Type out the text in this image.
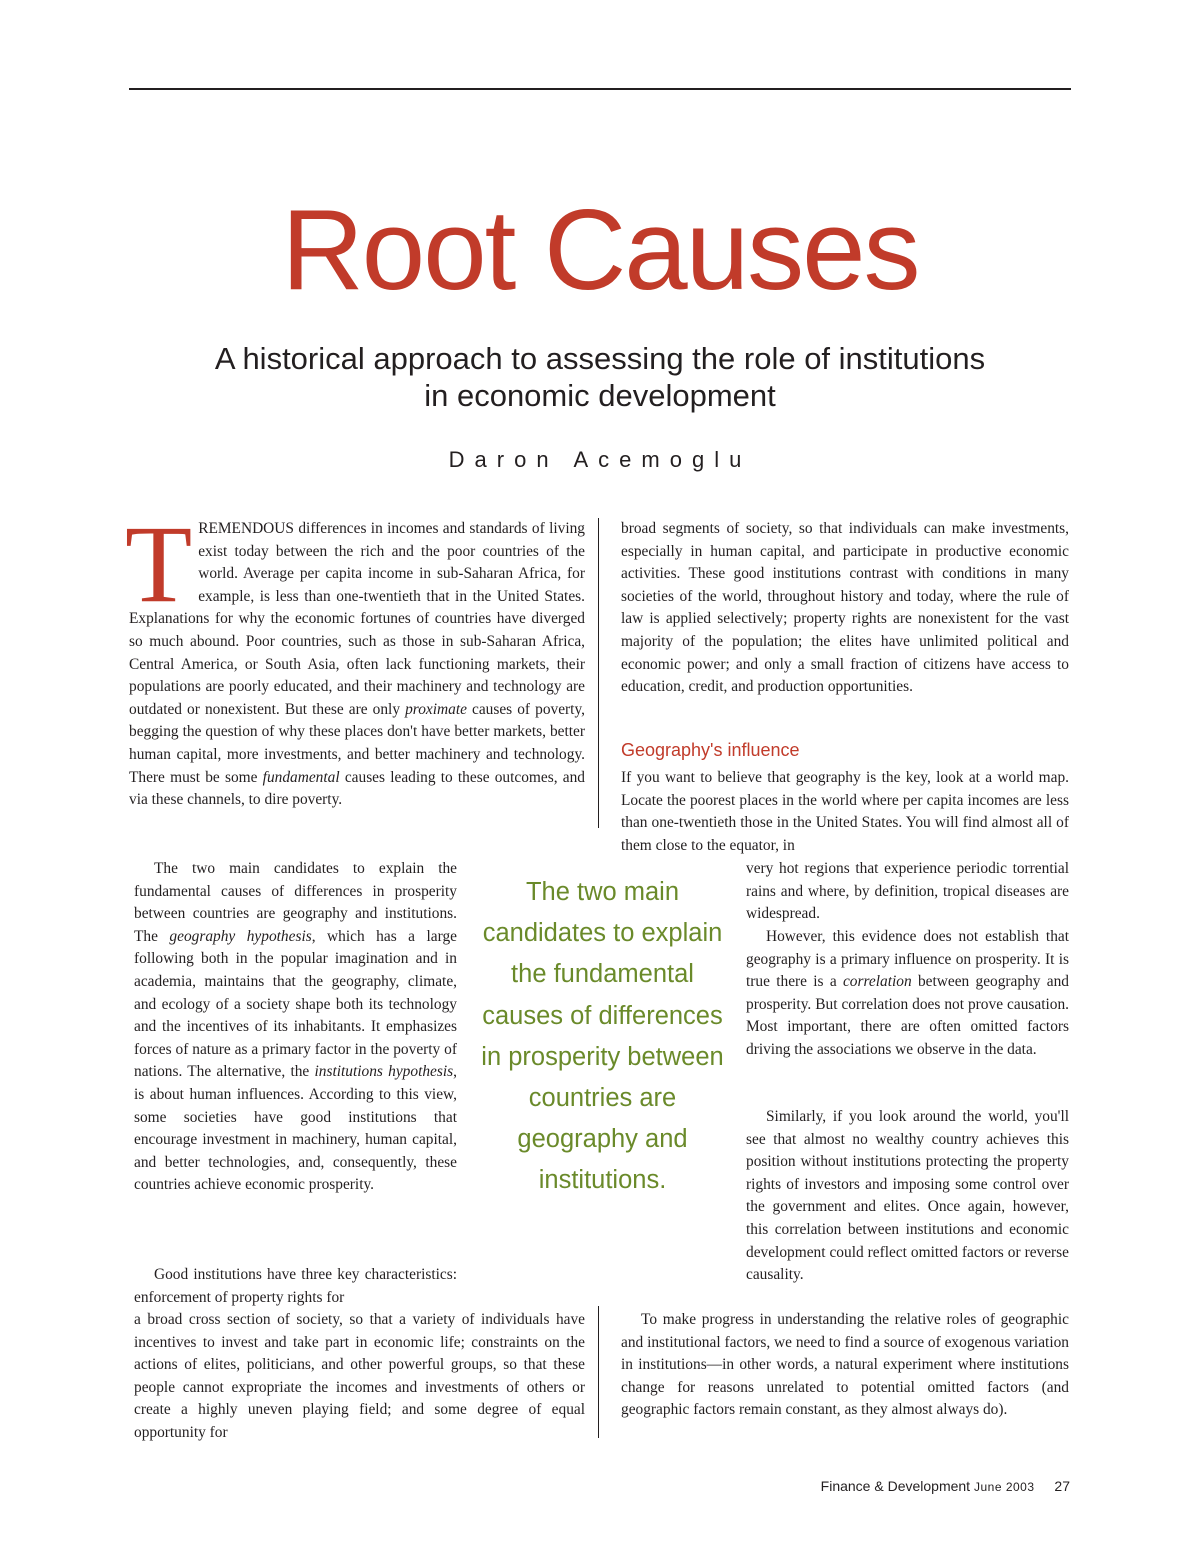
Root Causes
A historical approach to assessing the role of institutions
in economic development
Daron Acemoglu

TREMENDOUS differences in incomes and standards of living exist today between the rich and the poor countries of the world. Average per capita income in sub-Saharan Africa, for example, is less than one-twentieth that in the United States. Explanations for why the economic fortunes of countries have diverged so much abound. Poor countries, such as those in sub-Saharan Africa, Central America, or South Asia, often lack functioning markets, their populations are poorly educated, and their machinery and technology are outdated or nonexistent. But these are only proximate causes of poverty, begging the question of why these places don't have better markets, better human capital, more investments, and better machinery and technology. There must be some fundamental causes leading to these outcomes, and via these channels, to dire poverty.

The two main candidates to explain the fundamental causes of differences in prosperity between countries are geography and institutions. The geography hypothesis, which has a large following both in the popular imagination and in academia, maintains that the geography, climate, and ecology of a society shape both its technology and the incentives of its inhabitants. It emphasizes forces of nature as a primary factor in the poverty of nations. The alternative, the institutions hypothesis, is about human influences. According to this view, some societies have good institutions that encourage investment in machinery, human capital, and better technologies, and, consequently, these countries achieve economic prosperity.

Good institutions have three key characteristics: enforcement of property rights for

a broad cross section of society, so that a variety of individuals have incentives to invest and take part in economic life; constraints on the actions of elites, politicians, and other powerful groups, so that these people cannot expropriate the incomes and investments of others or create a highly uneven playing field; and some degree of equal opportunity for

The two main candidates to explain the fundamental causes of differences in prosperity between countries are geography and institutions.

broad segments of society, so that individuals can make investments, especially in human capital, and participate in productive economic activities. These good institutions contrast with conditions in many societies of the world, throughout history and today, where the rule of law is applied selectively; property rights are nonexistent for the vast majority of the population; the elites have unlimited political and economic power; and only a small fraction of citizens have access to education, credit, and production opportunities.

Geography's influence

If you want to believe that geography is the key, look at a world map. Locate the poorest places in the world where per capita incomes are less than one-twentieth those in the United States. You will find almost all of them close to the equator, in

very hot regions that experience periodic torrential rains and where, by definition, tropical diseases are widespread.

However, this evidence does not establish that geography is a primary influence on prosperity. It is true there is a correlation between geography and prosperity. But correlation does not prove causation. Most important, there are often omitted factors driving the associations we observe in the data.

Similarly, if you look around the world, you'll see that almost no wealthy country achieves this position without institutions protecting the property rights of investors and imposing some control over the government and elites. Once again, however, this correlation between institutions and economic development could reflect omitted factors or reverse causality.

To make progress in understanding the relative roles of geographic and institutional factors, we need to find a source of exogenous variation in institutions—in other words, a natural experiment where institutions change for reasons unrelated to potential omitted factors (and geographic factors remain constant, as they almost always do).

Finance & Development June 2003 27
